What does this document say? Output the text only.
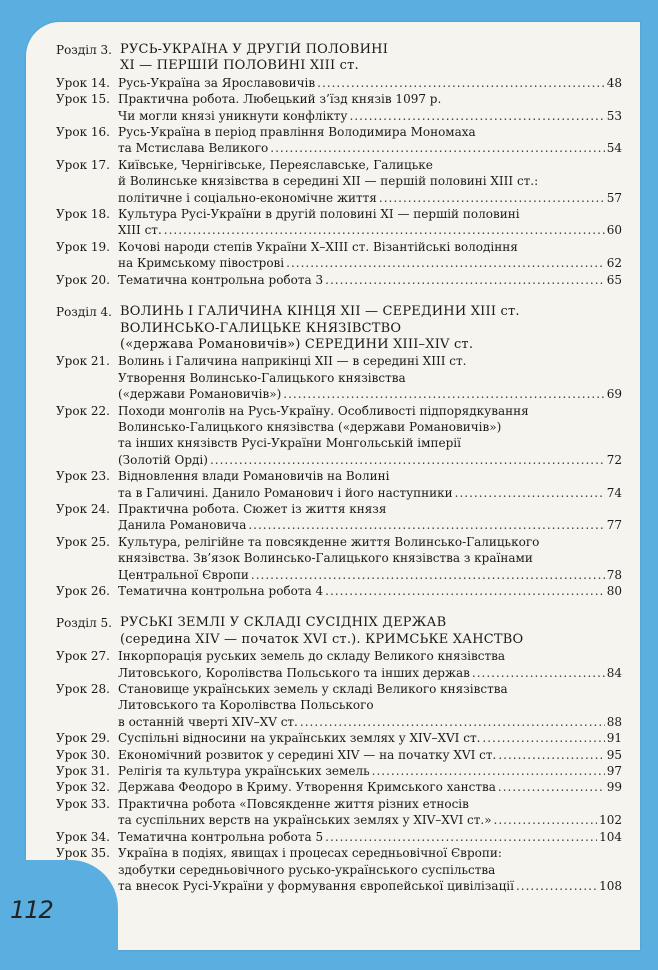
112
Розділ 3. РУСЬ-УКРАЇНА У ДРУГІЙ ПОЛОВИНІ
XI — ПЕРШІЙ ПОЛОВИНІ XIII ст.
Урок 14. Русь-Україна за Ярославовичів .....	48
Урок 15. Практична робота. Любецький з’їзд князів 1097 р.
Чи могли князі уникнути конфлікту .....	53
Урок 16. Русь-Україна в період правління Володимира Мономаха
та Мстислава Великого .....	54
Урок 17. Київське, Чернігівське, Переяславське, Галицьке
й Волинське князівства в середині XII — першій половині XIII ст.:
політичне і соціально-економічне життя .....	57
Урок 18. Культура Русі-України в другій половині XI — першій половині
XIII ст. .....	60
Урок 19. Кочові народи степів України X–XIII ст. Візантійські володіння
на Кримському півострові .....	62
Урок 20. Тематична контрольна робота 3 .....	65
Розділ 4. ВОЛИНЬ І ГАЛИЧИНА КІНЦЯ XII — СЕРЕДИНИ XIII ст.
ВОЛИНСЬКО-ГАЛИЦЬКЕ КНЯЗІВСТВО
(«держава Романовичів») СЕРЕДИНИ XIII–XIV ст.
Урок 21. Волинь і Галичина наприкінці XII — в середині XIII ст.
Утворення Волинсько-Галицького князівства
(«держави Романовичів») .....	69
Урок 22. Походи монголів на Русь-Україну. Особливості підпорядкування
Волинсько-Галицького князівства («держави Романовичів»)
та інших князівств Русі-України Монгольській імперії
(Золотій Орді) .....	72
Урок 23. Відновлення влади Романовичів на Волині
та в Галичині. Данило Романович і його наступники .....	74
Урок 24. Практична робота. Сюжет із життя князя
Данила Романовича .....	77
Урок 25. Культура, релігійне та повсякденне життя Волинсько-Галицького
князівства. Зв’язок Волинсько-Галицького князівства з країнами
Центральної Європи .....	78
Урок 26. Тематична контрольна робота 4 .....	80
Розділ 5. РУСЬКІ ЗЕМЛІ У СКЛАДІ СУСІДНІХ ДЕРЖАВ
(середина XIV — початок XVI ст.). КРИМСЬКЕ ХАНСТВО
Урок 27. Інкорпорація руських земель до складу Великого князівства
Литовського, Королівства Польського та інших держав .....	84
Урок 28. Становище українських земель у складі Великого князівства
Литовського та Королівства Польського
в останній чверті XIV–XV ст. .....	88
Урок 29. Суспільні відносини на українських землях у XIV–XVI ст. .....	91
Урок 30. Економічний розвиток у середині XIV — на початку XVI ст. .....	95
Урок 31. Релігія та культура українських земель .....	97
Урок 32. Держава Феодоро в Криму. Утворення Кримського ханства .....	99
Урок 33. Практична робота «Повсякденне життя різних етносів
та суспільних верств на українських землях у XIV–XVI ст.» .....	102
Урок 34. Тематична контрольна робота 5 .....	104
Урок 35. Україна в подіях, явищах і процесах середньовічної Європи:
здобутки середньовічного русько-українського суспільства
та внесок Русі-України у формування європейської цивілізації .....	108
